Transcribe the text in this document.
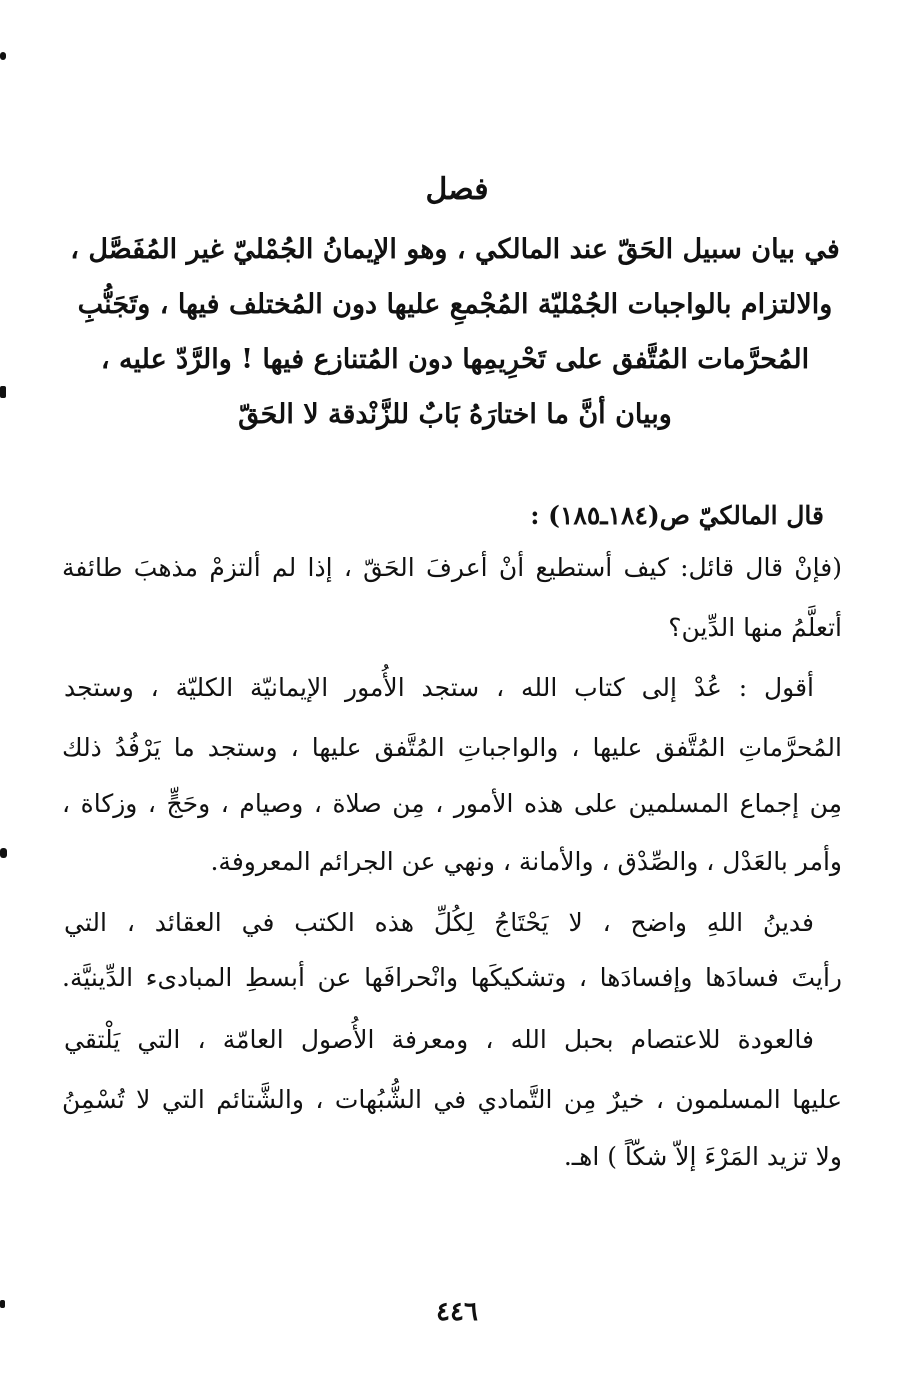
فصل
في بيان سبيل الحَقّ عند المالكي ، وهو الإيمانُ الجُمْليّ غير المُفَصَّل ،
والالتزام بالواجبات الجُمْليّة المُجْمعِ عليها دون المُختلف فيها ، وتَجَنُّبِ
المُحرَّمات المُتَّفق على تَحْرِيمِها دون المُتنازع فيها ! والرَّدّ عليه ،
وبيان أنَّ ما اختارَهُ بَابٌ للزَّنْدقة لا الحَقّ
قال المالكيّ ص(١٨٤ـ١٨٥) :
(فإنْ قال قائل: كيف أستطيع أنْ أعرفَ الحَقّ ، إذا لم ألتزمْ مذهبَ طائفة
أتعلَّمُ منها الدِّين؟
أقول : عُدْ إلى كتاب الله ، ستجد الأُمور الإيمانيّة الكليّة ، وستجد
المُحرَّماتِ المُتَّفق عليها ، والواجباتِ المُتَّفق عليها ، وستجد ما يَرْفُدُ ذلك
مِن إجماع المسلمين على هذه الأمور ، مِن صلاة ، وصيام ، وحَجٍّ ، وزكاة ،
وأمر بالعَدْل ، والصِّدْق ، والأمانة ، ونهي عن الجرائم المعروفة.
فدينُ اللهِ واضح ، لا يَحْتَاجُ لِكُلِّ هذه الكتب في العقائد ، التي
رأيتَ فسادَها وإفسادَها ، وتشكيكَها وانْحرافَها عن أبسطِ المبادىء الدِّينيَّة.
فالعودة للاعتصام بحبل الله ، ومعرفة الأُصول العامّة ، التي يَلْتقي
عليها المسلمون ، خيرٌ مِن التَّمادي في الشُّبُهات ، والشَّتائم التي لا تُسْمِنُ
ولا تزيد المَرْءَ إلاّ شكّاً ) اهـ.
٤٤٦
